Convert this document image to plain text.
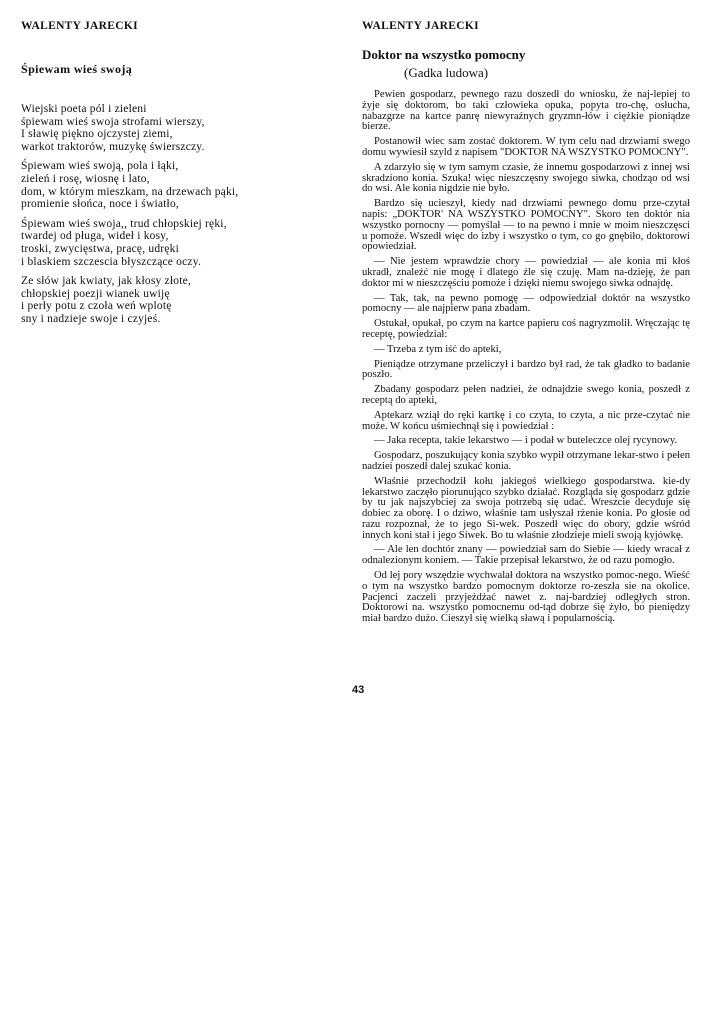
WALENTY JARECKI
Śpiewam wieś swoją
Wiejski poeta pól i zieleni
śpiewam wieś swoja strofami wierszy,
I sławię pięknо ojczystej ziemi,
warkot traktorów, muzykę świerszczy.
Śpiewam wieś swoją, pola i łąki,
zieleń i rosę, wiosnę i lato,
dom, w którym mieszkam, na drzewach pąki,
promienie słońca, noce i światło,
Śpiewam wieś swoja,, trud chłopskiej ręki,
twardej od pługa, wideł i kosy,
troski, zwycięstwa, pracę, udręki
i blaskiem szczescia błyszczące oczy.
Ze słów jak kwiaty, jak kłosy złote,
chłopskiej poezji wianek uwiję
i perły potu z czoła weń wplotę
sny i nadzieje swoje i czyjeś.
WALENTY JARECKI
Doktor na wszystko pomocny
(Gadka ludowa)

Pewien gospodarz, pewnego razu doszedł do wniosku, że naj-lepiej to żyje się doktorom, bo taki człowieka opuka, popyta tro-chę, osłucha, nabazgrze na kartce panrę niewyraźnych gryzmn-łów i ciężkie pioniądze bierze.

Postanowił wiec sam zostać doktorem. W tym celu nad drzwiami swego domu wywiesił szyld z napisem "DOKTOR NA WSZYSTKO POMOCNY".

A zdarzyło się w tym samym czasie, że innemu gospodarzowi z innej wsi skradziono konia. Szuka! więc nieszczęsny swojego siwka, chodząo od wsi do wsi. Ale konia nigdzie nie było.

Bardzo się ucieszył, kiedy nad drzwiami pewnego domu prze-czytał napis: „DOKTOR' NA WSZYSTKO POMOCNY". Skoro ten doktór nia wszystko pornocny — pomyślał — to na pewno i mnie w moim nieszczęsci u pomoże. Wszedł więc do izby i wszystko o tym, co go gnębiło, doktorowi opowiedział.

— Nie jestem wprawdzie chory — powiedział — ale konia mi kłoś ukradł, znaleźć nie mogę i dlatego źle się czuję. Mam na-dzieję, że pan doktor mi w nieszczęściu pomoże i dzięki niemu swojego siwka odnajdę.

— Tak, tak, na pewno pomogę — odpowiedział doktór na wszystko pomocny — ale najpierw pana zbadam.

Ostukał, opukał, po czym na kartce papieru coś nagryzmolił. Wręczając tę receptę, powiedział:

— Trzeba z tym iść do apteki,

Pieniądze otrzymane przeliczył i bardzo był rad, że tak gładko to badanie poszło.

Zbadany gospodarz pełen nadziei, że odnajdzie swego konia, poszedł z receptą do apteki,

Aptekarz wziął do ręki kartkę i co czyta, to czyta, a nic prze-czytać nie może. W końcu uśmiechnął się i powiedział :

— Jaka recepta, takie lekarstwo — i podał w buteleczce olej rycynowy.

Gospodarz, poszukujący konia szybko wypił otrzymane lekar-stwo i pełen nadziei poszedł dalej szukać konia.

Właśnie przechodził kołu jakiegoś wielkiego gospodarstwa. kie-dy lekarstwo zaczęło piorunująco szybko działać. Rozgląda się gospodarz gdzie by tu jak najszybciej za swoja potrzebą się udać. Wreszcie decyduje się dobiec za oborę. I o dziwo, właśnie tam usłyszał rżenie konia. Po głosie od razu rozpoznał, że to jego Si-wek. Poszedł więc do obory, gdzie wśród innych koni stał i jego Siwek. Bo tu właśnie złodzieje mieli swoją kyjówkę.

— Ale len dochtór znany — powiedział sam do Siebie — kiedy wracał z odnalezionym koniem. — Takie przepisał lekarstwo, że od razu pomogło.

Od lej pory wszędzie wychwalał doktora na wszystko pomoc-nego. Wieść o tym na wszystko bardzo pomocnym doktorze ro-zeszła sie na okolice. Pacjenci zaczeli przyjeżdżać nawet z. naj-bardziej odległych stron. Doktorowi na. wszystko pomocnemu od-tąd dobrze śię żyło, bo pieniędzy miał bardzo dużo. Cieszył się wielką sławą i popularnością.

43
